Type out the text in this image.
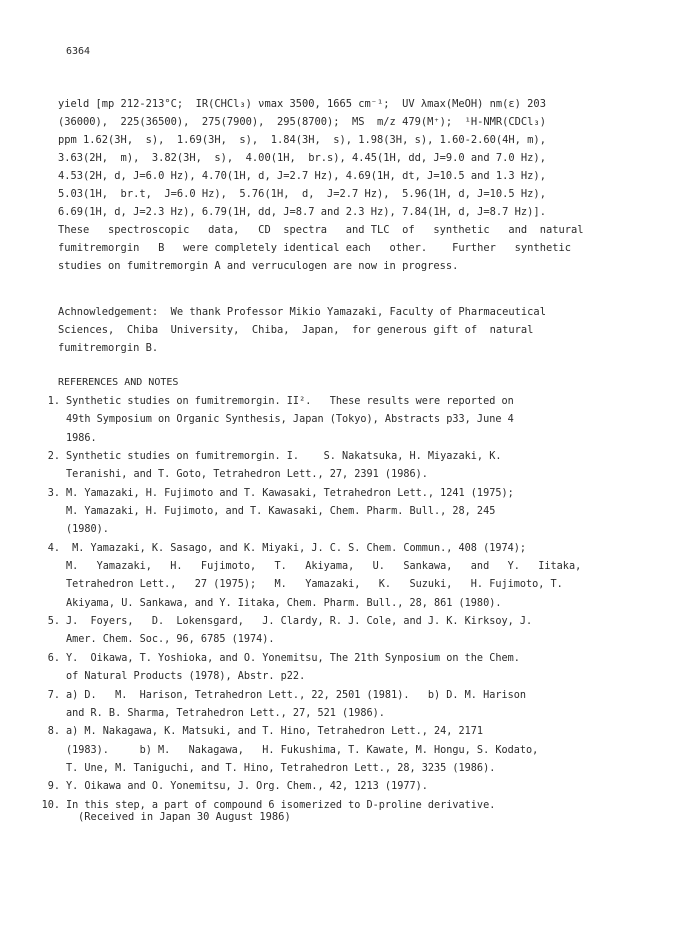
6364
yield [mp 212-213°C;  IR(CHCl₃) νmax 3500, 1665 cm⁻¹;  UV λmax(MeOH) nm(ε) 203
(36000),  225(36500),  275(7900),  295(8700);  MS  m/z 479(M⁺);  ¹H-NMR(CDCl₃)
ppm 1.62(3H,  s),  1.69(3H,  s),  1.84(3H,  s), 1.98(3H, s), 1.60-2.60(4H, m),
3.63(2H,  m),  3.82(3H,  s),  4.00(1H,  br.s), 4.45(1H, dd, J=9.0 and 7.0 Hz),
4.53(2H, d, J=6.0 Hz), 4.70(1H, d, J=2.7 Hz), 4.69(1H, dt, J=10.5 and 1.3 Hz),
5.03(1H,  br.t,  J=6.0 Hz),  5.76(1H,  d,  J=2.7 Hz),  5.96(1H, d, J=10.5 Hz),
6.69(1H, d, J=2.3 Hz), 6.79(1H, dd, J=8.7 and 2.3 Hz), 7.84(1H, d, J=8.7 Hz)].
These   spectroscopic   data,   CD  spectra   and TLC  of   synthetic   and  natural
fumitremorgin   B   were completely identical each   other.    Further   synthetic
studies on fumitremorgin A and verruculogen are now in progress.
Achnowledgement:  We thank Professor Mikio Yamazaki, Faculty of Pharmaceutical
Sciences,  Chiba  University,  Chiba,  Japan,  for generous gift of  natural
fumitremorgin B.
REFERENCES AND NOTES
1. Synthetic studies on fumitremorgin. II².   These results were reported on
49th Symposium on Organic Synthesis, Japan (Tokyo), Abstracts p33, June 4
1986.
2. Synthetic studies on fumitremorgin. I.    S. Nakatsuka, H. Miyazaki, K.
Teranishi, and T. Goto, Tetrahedron Lett., 27, 2391 (1986).
3. M. Yamazaki, H. Fujimoto and T. Kawasaki, Tetrahedron Lett., 1241 (1975);
M. Yamazaki, H. Fujimoto, and T. Kawasaki, Chem. Pharm. Bull., 28, 245
(1980).
4. M. Yamazaki, K. Sasago, and K. Miyaki, J. C. S. Chem. Commun., 408 (1974);
M.   Yamazaki,   H.   Fujimoto,   T.   Akiyama,   U.   Sankawa,   and   Y.   Iitaka,
Tetrahedron Lett.,   27 (1975);   M.   Yamazaki,   K.   Suzuki,   H. Fujimoto, T.
Akiyama, U. Sankawa, and Y. Iitaka, Chem. Pharm. Bull., 28, 861 (1980).
5. J.  Foyers,   D.  Lokensgard,   J. Clardy, R. J. Cole, and J. K. Kirksoy, J.
Amer. Chem. Soc., 96, 6785 (1974).
6. Y.  Oikawa, T. Yoshioka, and O. Yonemitsu, The 21th Synposium on the Chem.
of Natural Products (1978), Abstr. p22.
7. a) D.   M.  Harison, Tetrahedron Lett., 22, 2501 (1981).   b) D. M. Harison
and R. B. Sharma, Tetrahedron Lett., 27, 521 (1986).
8. a) M. Nakagawa, K. Matsuki, and T. Hino, Tetrahedron Lett., 24, 2171
(1983).     b) M.   Nakagawa,   H. Fukushima, T. Kawate, M. Hongu, S. Kodato,
T. Une, M. Taniguchi, and T. Hino, Tetrahedron Lett., 28, 3235 (1986).
9. Y. Oikawa and O. Yonemitsu, J. Org. Chem., 42, 1213 (1977).
10. In this step, a part of compound 6 isomerized to D-proline derivative.
(Received in Japan 30 August 1986)
